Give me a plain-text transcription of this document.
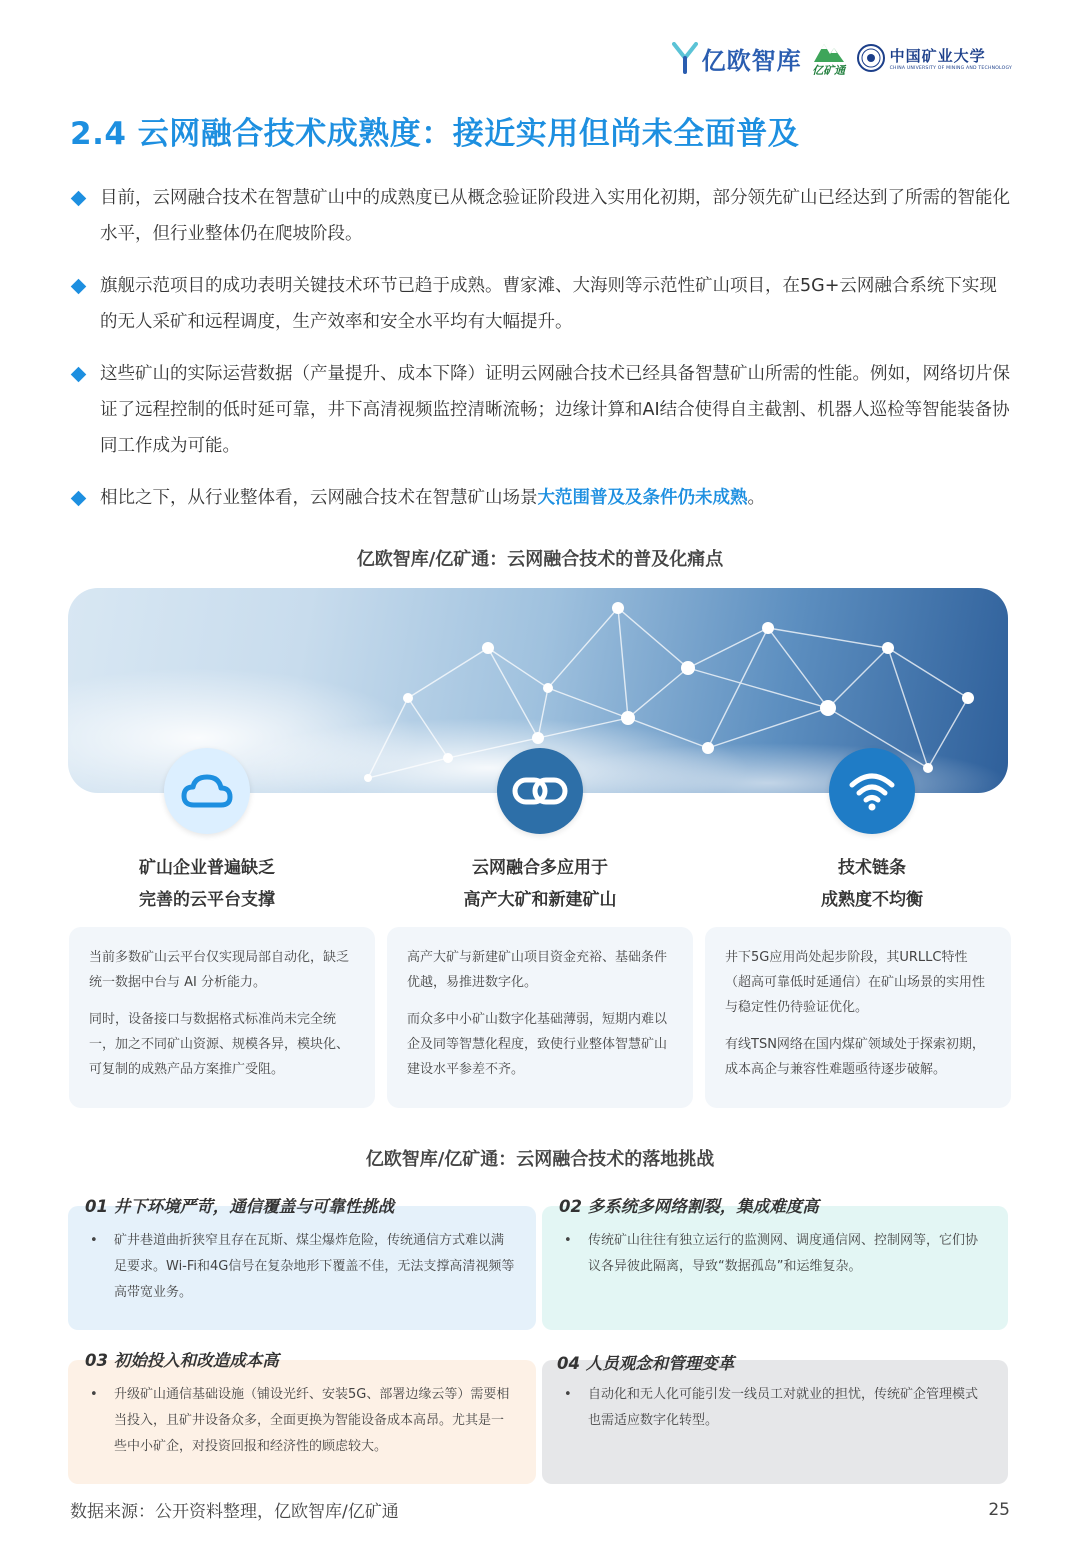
亿欧智库 亿矿通
中国矿业大学
CHINA UNIVERSITY OF MINING AND TECHNOLOGY
2.4 云网融合技术成熟度：接近实用但尚未全面普及
目前，云网融合技术在智慧矿山中的成熟度已从概念验证阶段进入实用化初期，部分领先矿山已经达到了所需的智能化水平，但行业整体仍在爬坡阶段。
旗舰示范项目的成功表明关键技术环节已趋于成熟。曹家滩、大海则等示范性矿山项目，在5G+云网融合系统下实现的无人采矿和远程调度，生产效率和安全水平均有大幅提升。
这些矿山的实际运营数据（产量提升、成本下降）证明云网融合技术已经具备智慧矿山所需的性能。例如，网络切片保证了远程控制的低时延可靠，井下高清视频监控清晰流畅；边缘计算和AI结合使得自主截割、机器人巡检等智能装备协同工作成为可能。
相比之下，从行业整体看，云网融合技术在智慧矿山场景大范围普及及条件仍未成熟。
亿欧智库/亿矿通：云网融合技术的普及化痛点
矿山企业普遍缺乏
完善的云平台支撑
云网融合多应用于
高产大矿和新建矿山
技术链条
成熟度不均衡

当前多数矿山云平台仅实现局部自动化，缺乏统一数据中台与 AI 分析能力。

同时，设备接口与数据格式标准尚未完全统一，加之不同矿山资源、规模各异，模块化、可复制的成熟产品方案推广受阻。

高产大矿与新建矿山项目资金充裕、基础条件优越，易推进数字化。

而众多中小矿山数字化基础薄弱，短期内难以企及同等智慧化程度，致使行业整体智慧矿山建设水平参差不齐。

井下5G应用尚处起步阶段，其URLLC特性（超高可靠低时延通信）在矿山场景的实用性与稳定性仍待验证优化。

有线TSN网络在国内煤矿领域处于探索初期，成本高企与兼容性难题亟待逐步破解。

亿欧智库/亿矿通：云网融合技术的落地挑战
• 矿井巷道曲折狭窄且存在瓦斯、煤尘爆炸危险，传统通信方式难以满足要求。Wi-Fi和4G信号在复杂地形下覆盖不佳，无法支撑高清视频等高带宽业务。
01 井下环境严苛，通信覆盖与可靠性挑战
• 传统矿山往往有独立运行的监测网、调度通信网、控制网等，它们协议各异彼此隔离，导致“数据孤岛”和运维复杂。
02 多系统多网络割裂，集成难度高
• 升级矿山通信基础设施（铺设光纤、安装5G、部署边缘云等）需要相当投入，且矿井设备众多，全面更换为智能设备成本高昂。尤其是一些中小矿企，对投资回报和经济性的顾虑较大。
03 初始投入和改造成本高
• 自动化和无人化可能引发一线员工对就业的担忧，传统矿企管理模式也需适应数字化转型。
04 人员观念和管理变革
数据来源：公开资料整理，亿欧智库/亿矿通	25
